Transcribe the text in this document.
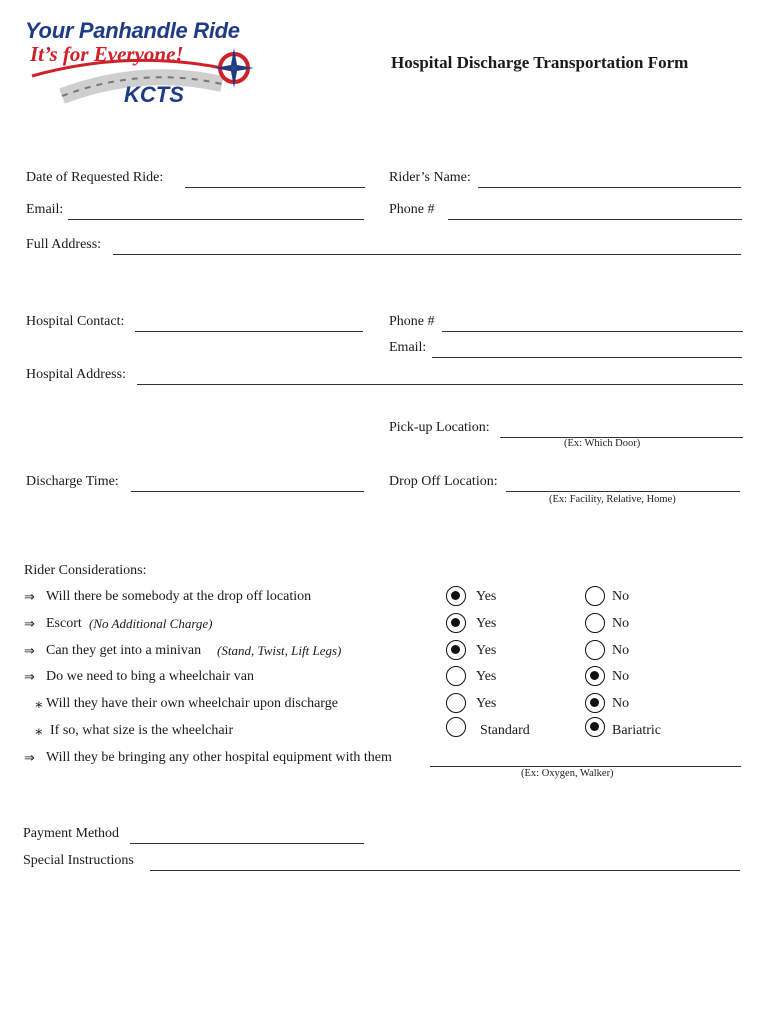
Your Panhandle Ride
It’s for Everyone!
KCTS
Hospital Discharge Transportation Form
Date of Requested Ride:	Rider’s Name:
Email:	Phone #
Full Address:
Hospital Contact:	Phone #
Email:
Hospital Address:
Pick-up Location:
(Ex: Which Door)
Discharge Time:	Drop Off Location:
(Ex: Facility, Relative, Home)
Rider Considerations:
⇒ Will there be somebody at the drop off location	Yes	No
⇒ Escort (No Additional Charge)	Yes	No
⇒ Can they get into a minivan (Stand, Twist, Lift Legs)	Yes	No
⇒ Do we need to bing a wheelchair van	Yes	No
∗ Will they have their own wheelchair upon discharge	Yes	No
∗ If so, what size is the wheelchair	Standard	Bariatric
⇒ Will they be bringing any other hospital equipment with them
(Ex: Oxygen, Walker)
Payment Method
Special Instructions
